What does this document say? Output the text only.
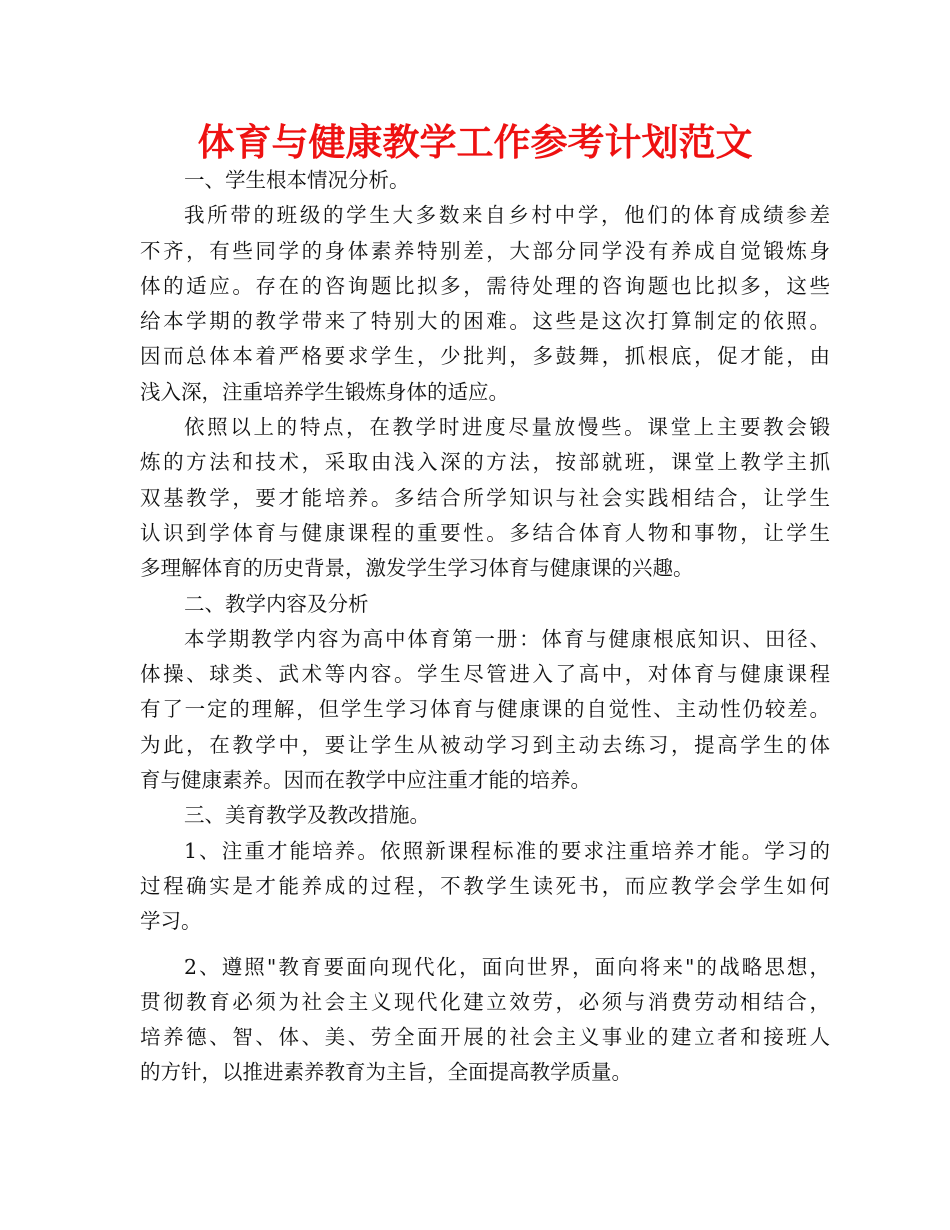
体育与健康教学工作参考计划范文
一、学生根本情况分析。
我所带的班级的学生大多数来自乡村中学，他们的体育成绩参差
不齐，有些同学的身体素养特别差，大部分同学没有养成自觉锻炼身
体的适应。存在的咨询题比拟多，需待处理的咨询题也比拟多，这些
给本学期的教学带来了特别大的困难。这些是这次打算制定的依照。
因而总体本着严格要求学生，少批判，多鼓舞，抓根底，促才能，由
浅入深，注重培养学生锻炼身体的适应。
依照以上的特点，在教学时进度尽量放慢些。课堂上主要教会锻
炼的方法和技术，采取由浅入深的方法，按部就班，课堂上教学主抓
双基教学，要才能培养。多结合所学知识与社会实践相结合，让学生
认识到学体育与健康课程的重要性。多结合体育人物和事物，让学生
多理解体育的历史背景，激发学生学习体育与健康课的兴趣。
二、教学内容及分析
本学期教学内容为高中体育第一册：体育与健康根底知识、田径、
体操、球类、武术等内容。学生尽管进入了高中，对体育与健康课程
有了一定的理解，但学生学习体育与健康课的自觉性、主动性仍较差。
为此，在教学中，要让学生从被动学习到主动去练习，提高学生的体
育与健康素养。因而在教学中应注重才能的培养。
三、美育教学及教改措施。
1、注重才能培养。依照新课程标准的要求注重培养才能。学习的
过程确实是才能养成的过程，不教学生读死书，而应教学会学生如何
学习。
2、遵照"教育要面向现代化，面向世界，面向将来"的战略思想，
贯彻教育必须为社会主义现代化建立效劳，必须与消费劳动相结合，
培养德、智、体、美、劳全面开展的社会主义事业的建立者和接班人
的方针，以推进素养教育为主旨，全面提高教学质量。
